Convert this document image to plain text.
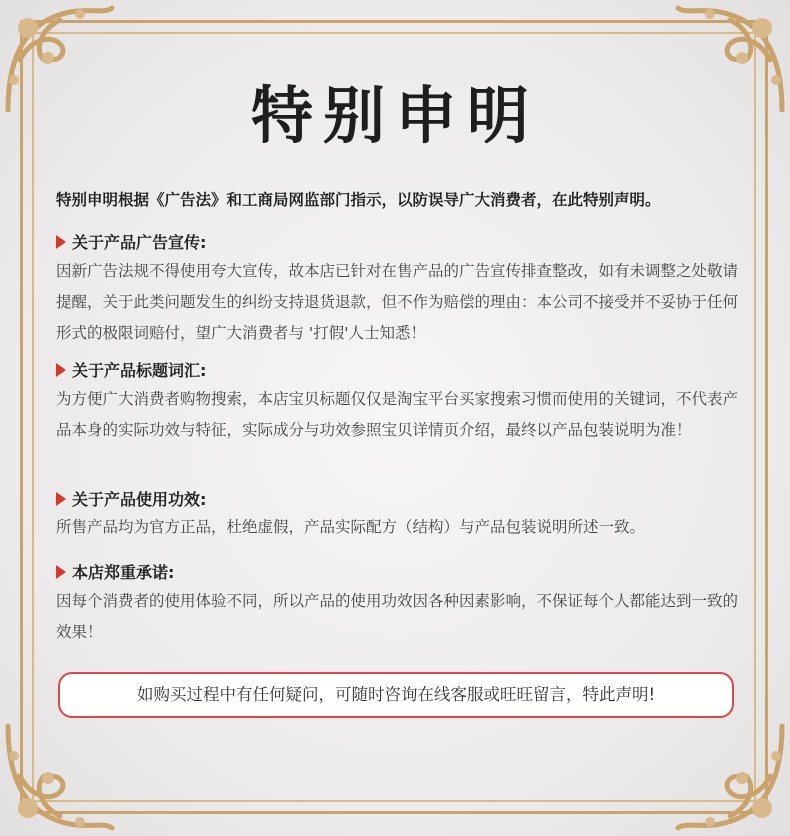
特别申明
特别申明根据《广告法》和工商局网监部门指示，以防误导广大消费者，在此特别声明。
关于产品广告宣传:
因新广告法规不得使用夸大宣传，故本店已针对在售产品的广告宣传排查整改，如有未调整之处敬请提醒，关于此类问题发生的纠纷支持退货退款，但不作为赔偿的理由：本公司不接受并不妥协于任何形式的极限词赔付，望广大消费者与 '打假'人士知悉！
关于产品标题词汇:
为方便广大消费者购物搜索，本店宝贝标题仅仅是淘宝平台买家搜索习惯而使用的关键词，不代表产品本身的实际功效与特征，实际成分与功效参照宝贝详情页介绍，最终以产品包装说明为准！
关于产品使用功效:
所售产品均为官方正品，杜绝虚假，产品实际配方（结构）与产品包装说明所述一致。
本店郑重承诺:
因每个消费者的使用体验不同，所以产品的使用功效因各种因素影响，不保证每个人都能达到一致的效果！
如购买过程中有任何疑问，可随时咨询在线客服或旺旺留言，特此声明!
